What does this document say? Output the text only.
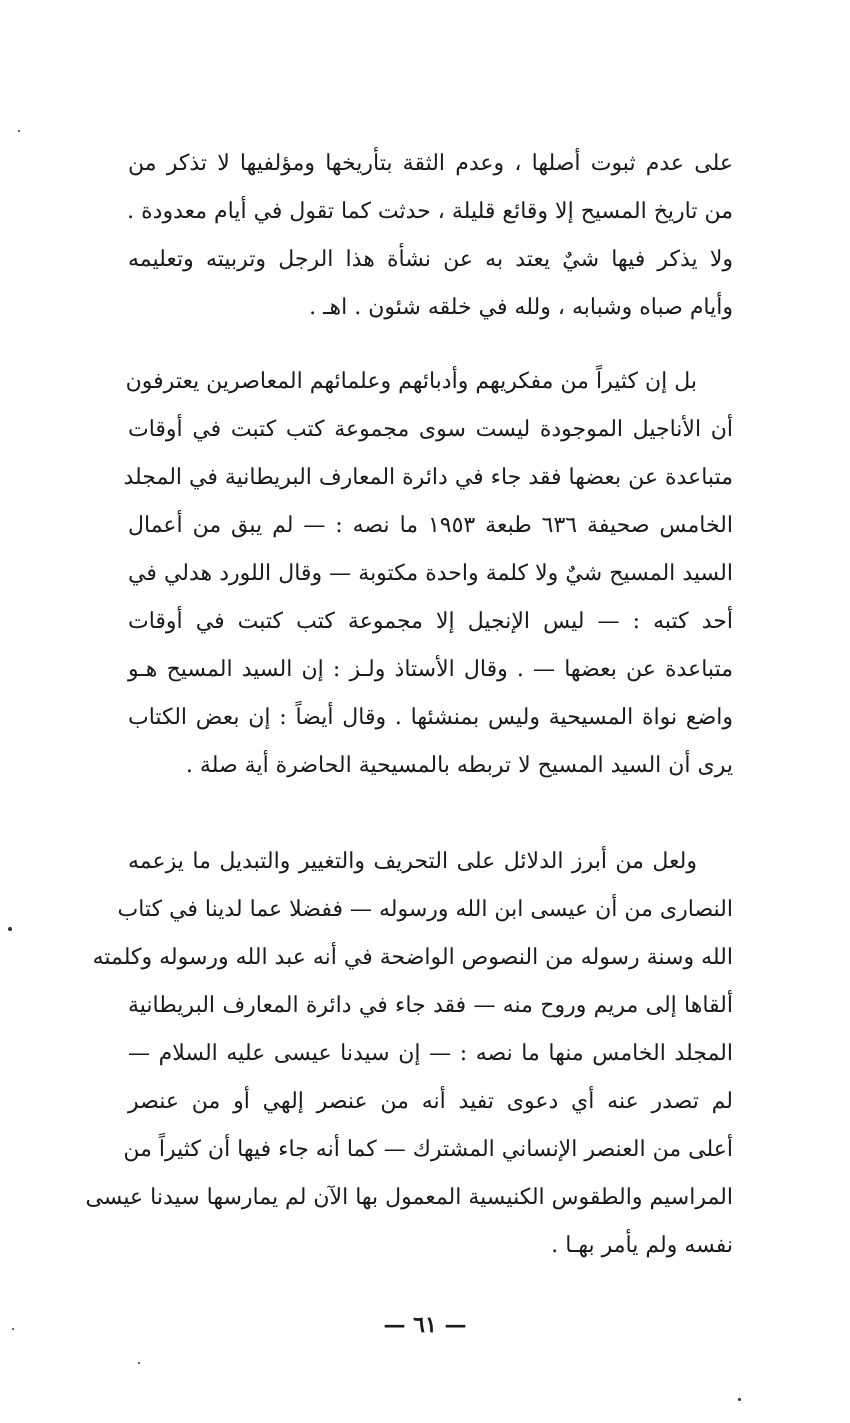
على عدم ثبوت أصلها ، وعدم الثقة بتأريخها ومؤلفيها لا تذكر من
من تاريخ المسيح إلا وقائع قليلة ، حدثت كما تقول في أيام معدودة .
ولا يذكر فيها شيٌ يعتد به عن نشأة هذا الرجل وتربيته وتعليمه
وأيام صباه وشبابه ، ولله في خلقه شئون . اهـ .
بل إن كثيراً من مفكريهم وأدبائهم وعلمائهم المعاصرين يعترفون
أن الأناجيل الموجودة ليست سوى مجموعة كتب كتبت في أوقات
متباعدة عن بعضها فقد جاء في دائرة المعارف البريطانية في المجلد
الخامس صحيفة ٦٣٦ طبعة ١٩٥٣ ما نصه : — لم يبق من أعمال
السيد المسيح شيٌ ولا كلمة واحدة مكتوبة — وقال اللورد هدلي في
أحد كتبه : — ليس الإنجيل إلا مجموعة كتب كتبت في أوقات
متباعدة عن بعضها — . وقال الأستاذ ولـز : إن السيد المسيح هـو
واضع نواة المسيحية وليس بمنشئها . وقال أيضاً : إن بعض الكتاب
يرى أن السيد المسيح لا تربطه بالمسيحية الحاضرة أية صلة .
ولعل من أبرز الدلائل على التحريف والتغيير والتبديل ما يزعمه
النصارى من أن عيسى ابن الله ورسوله — ففضلا عما لدينا في كتاب
الله وسنة رسوله من النصوص الواضحة في أنه عبد الله ورسوله وكلمته
ألقاها إلى مريم وروح منه — فقد جاء في دائرة المعارف البريطانية
المجلد الخامس منها ما نصه : — إن سيدنا عيسى عليه السلام —
لم تصدر عنه أي دعوى تفيد أنه من عنصر إلهي أو من عنصر
أعلى من العنصر الإنساني المشترك — كما أنه جاء فيها أن كثيراً من
المراسيم والطقوس الكنيسية المعمول بها الآن لم يمارسها سيدنا عيسى
نفسه ولم يأمر بهـا .
— ٦١ —
